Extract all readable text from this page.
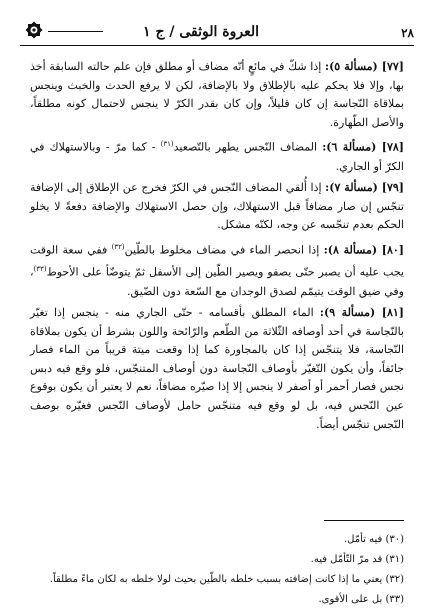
٢٨
العروة الوثقى / ج ١

[٧٧] (مسألة ٥): إذا شكّ في مائعٍ أنّه مضاف أو مطلق فإن علم حالته السابقة أخذ بها، وإلا فلا يحكم عليه بالإطلاق ولا بالإضافة، لكن لا يرفع الحدث والخبث وينجس بملاقاة النّجاسة إن كان قليلاً، وإن كان بقدر الكرّ لا ينجس لاحتمال كونه مطلقاً، والأصل الطّهارة.

[٧٨] (مسألة ٦): المضاف النّجس يطهر بالتّصعيد$^{(٣١)}$ - كما مرّ - وبالاستهلاك في الكرّ أو الجاري.

[٧٩] (مسألة ٧): إذا أُلقي المضاف النّجس في الكرّ فخرج عن الإطلاق إلى الإضافة تنجّس إن صار مضافاً قبل الاستهلاك، وإن حصل الاستهلاك والإضافة دفعةً لا يخلو الحكم بعدم تنجّسه عن وجه، لكنّه مشكل.

[٨٠] (مسألة ٨): إذا انحصر الماء في مضاف مخلوط بالطّين$^{(٣٢)}$ ففي سعة الوقت يجب عليه أن يصبر حتّى يصفو ويصير الطّين إلى الأسفل ثمّ يتوضّأ على الأحوط$^{(٣٣)}$، وفي ضيق الوقت يتيمّم لصدق الوجدان مع السّعة دون الضّيق.

[٨١] (مسألة ٩): الماء المطلق بأقسامه - حتّى الجاري منه - ينجس إذا تغيّر بالنّجاسة في أحد أوصافه الثّلاثة من الطّعم والرّائحة واللون بشرط أن يكون بملاقاة النّجاسة، فلا يتنجّس إذا كان بالمجاورة كما إذا وقعت ميتة قريباً من الماء فصار جائفاً، وأن يكون التّغيّر بأوصاف النّجاسة دون أوصاف المتنجّس، فلو وقع فيه دبس نجس فصار أحمر أو أصفر لا ينجس إلا إذا صيّره مضافاً، نعم لا يعتبر أن يكون بوقوع عين النّجس فيه، بل لو وقع فيه متنجّس حامل لأوصاف النّجس فغيّره بوصف النّجس تنجّس أيضاً.

(٣٠) فيه تأمّل.

(٣١) قد مرّ التّأمّل فيه.

(٣٢) يعني ما إذا كانت إضافته بسبب خلطه بالطّين بحيث لولا خلطه به لكان ماءً مطلقاً.

(٣٣) بل على الأقوى.
